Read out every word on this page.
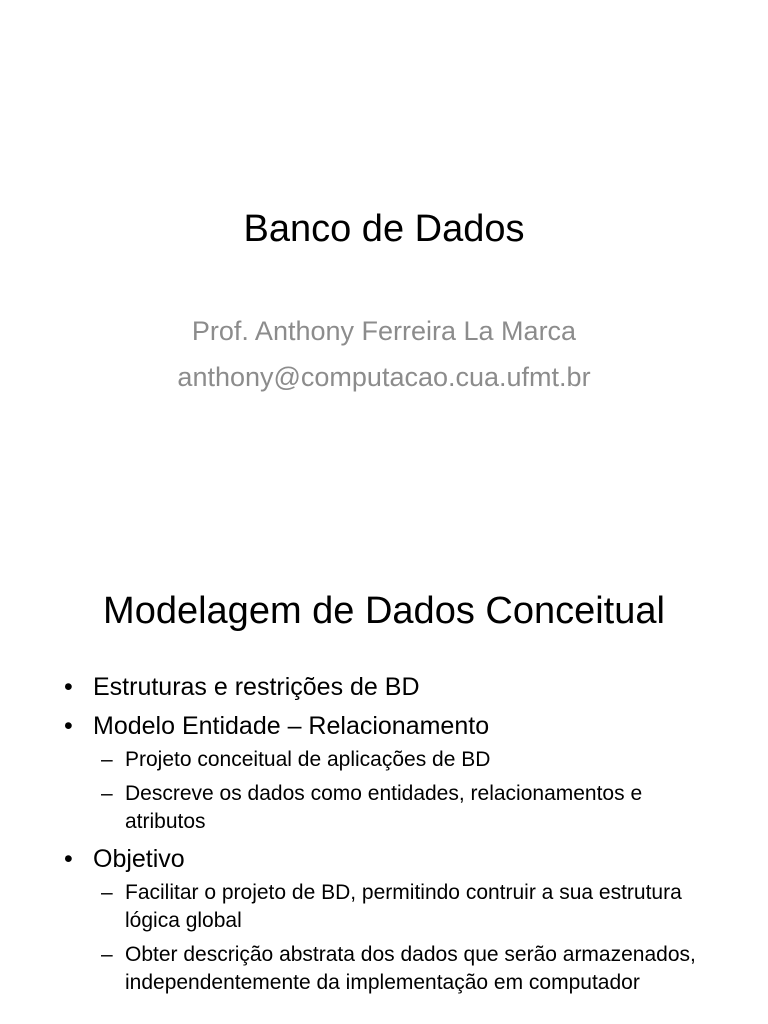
Banco de Dados
Prof. Anthony Ferreira La Marca
anthony@computacao.cua.ufmt.br
Modelagem de Dados Conceitual
• Estruturas e restrições de BD
• Modelo Entidade – Relacionamento
– Projeto conceitual de aplicações de BD
– Descreve os dados como entidades, relacionamentos e atributos
• Objetivo
– Facilitar o projeto de BD, permitindo contruir a sua estrutura lógica global
– Obter descrição abstrata dos dados que serão armazenados, independentemente da implementação em computador
